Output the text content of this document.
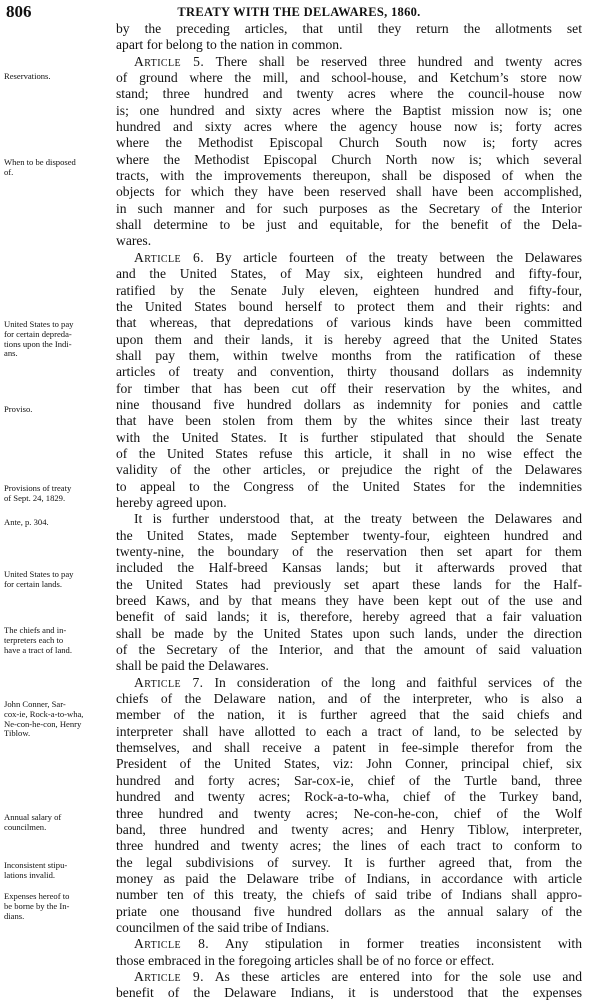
806	TREATY WITH THE DELAWARES, 1860.
by the preceding articles, that until they return the allotments set
apart for belong to the nation in common.
Article 5. There shall be reserved three hundred and twenty acres
of ground where the mill, and school-house, and Ketchum’s store now
stand; three hundred and twenty acres where the council-house now
is; one hundred and sixty acres where the Baptist mission now is; one
hundred and sixty acres where the agency house now is; forty acres
where the Methodist Episcopal Church South now is; forty acres
where the Methodist Episcopal Church North now is; which several
tracts, with the improvements thereupon, shall be disposed of when the
objects for which they have been reserved shall have been accomplished,
in such manner and for such purposes as the Secretary of the Interior
shall determine to be just and equitable, for the benefit of the Dela-
wares.
Article 6. By article fourteen of the treaty between the Delawares
and the United States, of May six, eighteen hundred and fifty-four,
ratified by the Senate July eleven, eighteen hundred and fifty-four,
the United States bound herself to protect them and their rights: and
that whereas, that depredations of various kinds have been committed
upon them and their lands, it is hereby agreed that the United States
shall pay them, within twelve months from the ratification of these
articles of treaty and convention, thirty thousand dollars as indemnity
for timber that has been cut off their reservation by the whites, and
nine thousand five hundred dollars as indemnity for ponies and cattle
that have been stolen from them by the whites since their last treaty
with the United States. It is further stipulated that should the Senate
of the United States refuse this article, it shall in no wise effect the
validity of the other articles, or prejudice the right of the Delawares
to appeal to the Congress of the United States for the indemnities
hereby agreed upon.
It is further understood that, at the treaty between the Delawares and
the United States, made September twenty-four, eighteen hundred and
twenty-nine, the boundary of the reservation then set apart for them
included the Half-breed Kansas lands; but it afterwards proved that
the United States had previously set apart these lands for the Half-
breed Kaws, and by that means they have been kept out of the use and
benefit of said lands; it is, therefore, hereby agreed that a fair valuation
shall be made by the United States upon such lands, under the direction
of the Secretary of the Interior, and that the amount of said valuation
shall be paid the Delawares.
Article 7. In consideration of the long and faithful services of the
chiefs of the Delaware nation, and of the interpreter, who is also a
member of the nation, it is further agreed that the said chiefs and
interpreter shall have allotted to each a tract of land, to be selected by
themselves, and shall receive a patent in fee-simple therefor from the
President of the United States, viz: John Conner, principal chief, six
hundred and forty acres; Sar-cox-ie, chief of the Turtle band, three
hundred and twenty acres; Rock-a-to-wha, chief of the Turkey band,
three hundred and twenty acres; Ne-con-he-con, chief of the Wolf
band, three hundred and twenty acres; and Henry Tiblow, interpreter,
three hundred and twenty acres; the lines of each tract to conform to
the legal subdivisions of survey. It is further agreed that, from the
money as paid the Delaware tribe of Indians, in accordance with article
number ten of this treaty, the chiefs of said tribe of Indians shall appro-
priate one thousand five hundred dollars as the annual salary of the
councilmen of the said tribe of Indians.
Article 8. Any stipulation in former treaties inconsistent with
those embraced in the foregoing articles shall be of no force or effect.
Article 9. As these articles are entered into for the sole use and
benefit of the Delaware Indians, it is understood that the expenses
Reservations.
When to be disposed
of.
United States to pay
for certain depreda-
tions upon the Indi-
ans.
Proviso.
Provisions of treaty
of Sept. 24, 1829.
Ante, p. 304.
United States to pay
for certain lands.
The chiefs and in-
terpreters each to
have a tract of land.
John Conner, Sar-
cox-ie, Rock-a-to-wha,
Ne-con-he-con, Henry
Tiblow.
Annual salary of
councilmen.
Inconsistent stipu-
lations invalid.
Expenses hereof to
be borne by the In-
dians.
